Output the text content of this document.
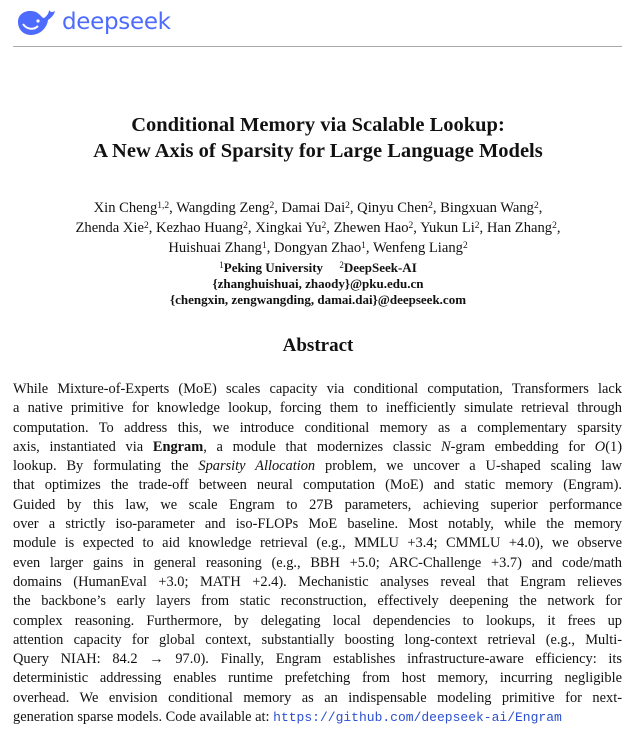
deepseek
Conditional Memory via Scalable Lookup:
A New Axis of Sparsity for Large Language Models
Xin Cheng$^{1,2}$, Wangding Zeng$^2$, Damai Dai$^2$, Qinyu Chen$^2$, Bingxuan Wang$^2$,
Zhenda Xie$^2$, Kezhao Huang$^2$, Xingkai Yu$^2$, Zhewen Hao$^2$, Yukun Li$^2$, Han Zhang$^2$,
Huishuai Zhang$^1$, Dongyan Zhao$^1$, Wenfeng Liang$^2$
$^1$Peking University $^2$DeepSeek-AI
{zhanghuishuai, zhaody}@pku.edu.cn
{chengxin, zengwangding, damai.dai}@deepseek.com
Abstract
While Mixture-of-Experts (MoE) scales capacity via conditional computation, Transformers lack
a native primitive for knowledge lookup, forcing them to inefficiently simulate retrieval through
computation. To address this, we introduce conditional memory as a complementary sparsity
axis, instantiated via Engram, a module that modernizes classic N-gram embedding for O(1)
lookup. By formulating the Sparsity Allocation problem, we uncover a U-shaped scaling law
that optimizes the trade-off between neural computation (MoE) and static memory (Engram).
Guided by this law, we scale Engram to 27B parameters, achieving superior performance
over a strictly iso-parameter and iso-FLOPs MoE baseline. Most notably, while the memory
module is expected to aid knowledge retrieval (e.g., MMLU +3.4; CMMLU +4.0), we observe
even larger gains in general reasoning (e.g., BBH +5.0; ARC-Challenge +3.7) and code/math
domains (HumanEval +3.0; MATH +2.4). Mechanistic analyses reveal that Engram relieves
the backbone’s early layers from static reconstruction, effectively deepening the network for
complex reasoning. Furthermore, by delegating local dependencies to lookups, it frees up
attention capacity for global context, substantially boosting long-context retrieval (e.g., Multi-
Query NIAH: 84.2 → 97.0). Finally, Engram establishes infrastructure-aware efficiency: its
deterministic addressing enables runtime prefetching from host memory, incurring negligible
overhead. We envision conditional memory as an indispensable modeling primitive for next-
generation sparse models. Code available at: https://github.com/deepseek-ai/Engram
